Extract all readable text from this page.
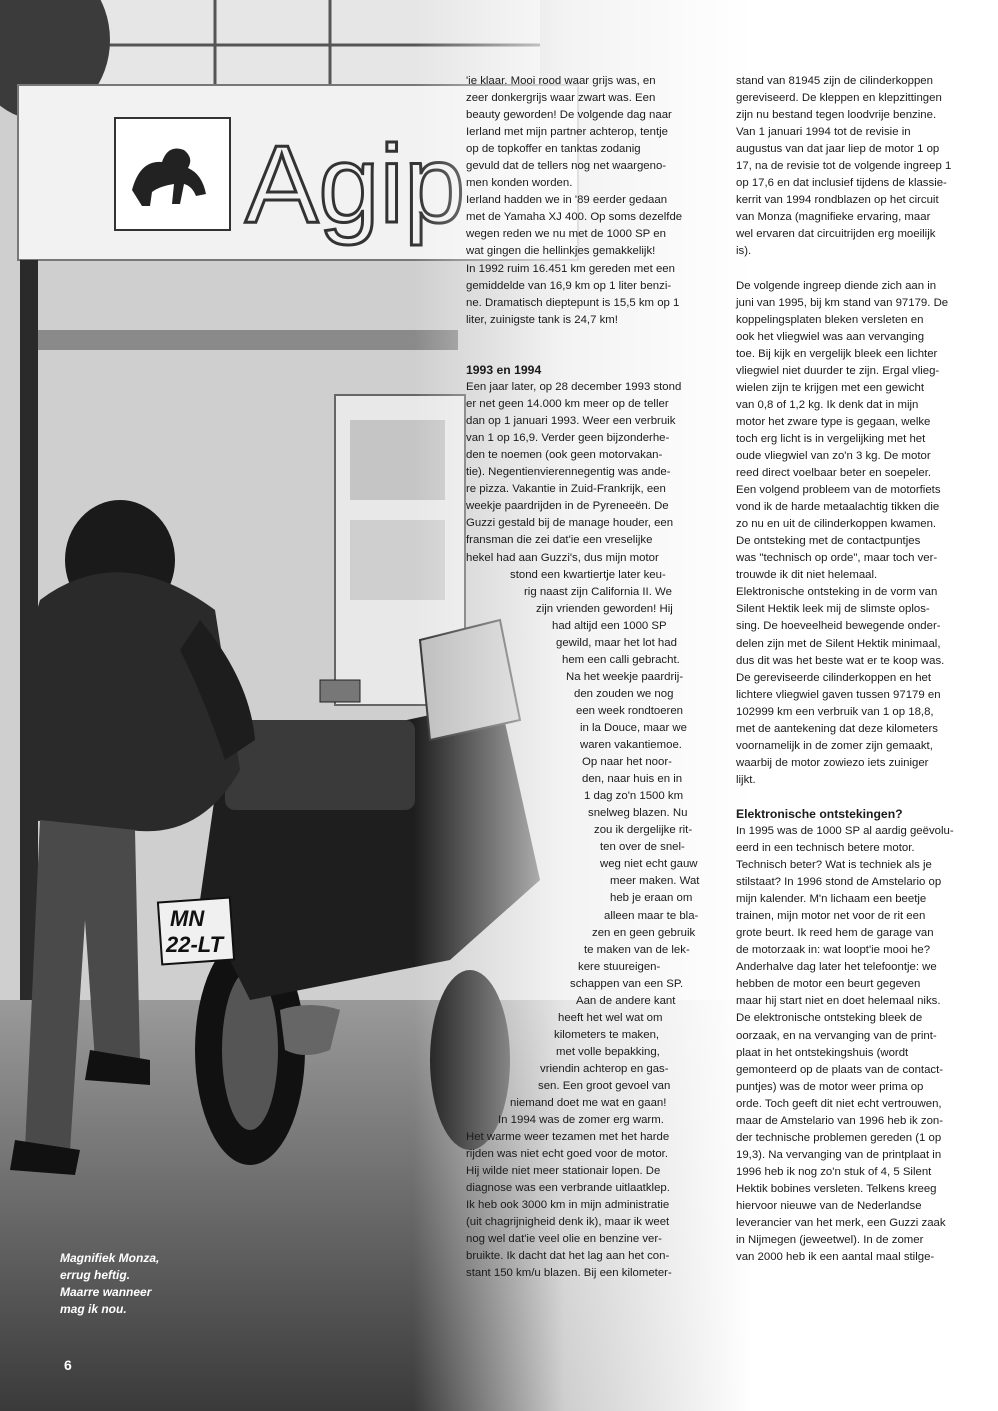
Magnifiek Monza,
errug heftig.
Maarre wanneer
mag ik nou.
6
'ie klaar. Mooi rood waar grijs was, en
zeer donkergrijs waar zwart was. Een
beauty geworden! De volgende dag naar
Ierland met mijn partner achterop, tentje
op de topkoffer en tanktas zodanig
gevuld dat de tellers nog net waargeno-
men konden worden.
Ierland hadden we in '89 eerder gedaan
met de Yamaha XJ 400. Op soms dezelfde
wegen reden we nu met de 1000 SP en
wat gingen die hellinkjes gemakkelijk!
In 1992 ruim 16.451 km gereden met een
gemiddelde van 16,9 km op 1 liter benzi-
ne. Dramatisch dieptepunt is 15,5 km op 1
liter, zuinigste tank is 24,7 km!
1993 en 1994
Een jaar later, op 28 december 1993 stond
er net geen 14.000 km meer op de teller
dan op 1 januari 1993. Weer een verbruik
van 1 op 16,9. Verder geen bijzonderhe-
den te noemen (ook geen motorvakan-
tie). Negentienvierennegentig was ande-
re pizza. Vakantie in Zuid-Frankrijk, een
weekje paardrijden in de Pyreneeën. De
Guzzi gestald bij de manage houder, een
fransman die zei dat'ie een vreselijke
hekel had aan Guzzi's, dus mijn motor
stond een kwartiertje later keu-
rig naast zijn California II. We
zijn vrienden geworden! Hij
had altijd een 1000 SP
gewild, maar het lot had
hem een calli gebracht.
Na het weekje paardrij-
den zouden we nog
een week rondtoeren
in la Douce, maar we
waren vakantiemoe.
Op naar het noor-
den, naar huis en in
1 dag zo'n 1500 km
snelweg blazen. Nu
zou ik dergelijke rit-
ten over de snel-
weg niet echt gauw
meer maken. Wat
heb je eraan om
alleen maar te bla-
zen en geen gebruik
te maken van de lek-
kere stuureigen-
schappen van een SP.
Aan de andere kant
heeft het wel wat om
kilometers te maken,
met volle bepakking,
vriendin achterop en gas-
sen. Een groot gevoel van
niemand doet me wat en gaan!
In 1994 was de zomer erg warm.
Het warme weer tezamen met het harde
rijden was niet echt goed voor de motor.
Hij wilde niet meer stationair lopen. De
diagnose was een verbrande uitlaatklep.
Ik heb ook 3000 km in mijn administratie
(uit chagrijnigheid denk ik), maar ik weet
nog wel dat'ie veel olie en benzine ver-
bruikte. Ik dacht dat het lag aan het con-
stant 150 km/u blazen. Bij een kilometer-
stand van 81945 zijn de cilinderkoppen
gereviseerd. De kleppen en klepzittingen
zijn nu bestand tegen loodvrije benzine.
Van 1 januari 1994 tot de revisie in
augustus van dat jaar liep de motor 1 op
17, na de revisie tot de volgende ingreep 1
op 17,6 en dat inclusief tijdens de klassie-
kerrit van 1994 rondblazen op het circuit
van Monza (magnifieke ervaring, maar
wel ervaren dat circuitrijden erg moeilijk
is).
De volgende ingreep diende zich aan in
juni van 1995, bij km stand van 97179. De
koppelingsplaten bleken versleten en
ook het vliegwiel was aan vervanging
toe. Bij kijk en vergelijk bleek een lichter
vliegwiel niet duurder te zijn. Ergal vlieg-
wielen zijn te krijgen met een gewicht
van 0,8 of 1,2 kg. Ik denk dat in mijn
motor het zware type is gegaan, welke
toch erg licht is in vergelijking met het
oude vliegwiel van zo'n 3 kg. De motor
reed direct voelbaar beter en soepeler.
Een volgend probleem van de motorfiets
vond ik de harde metaalachtig tikken die
zo nu en uit de cilinderkoppen kwamen.
De ontsteking met de contactpuntjes
was "technisch op orde", maar toch ver-
trouwde ik dit niet helemaal.
Elektronische ontsteking in de vorm van
Silent Hektik leek mij de slimste oplos-
sing. De hoeveelheid bewegende onder-
delen zijn met de Silent Hektik minimaal,
dus dit was het beste wat er te koop was.
De gereviseerde cilinderkoppen en het
lichtere vliegwiel gaven tussen 97179 en
102999 km een verbruik van 1 op 18,8,
met de aantekening dat deze kilometers
voornamelijk in de zomer zijn gemaakt,
waarbij de motor zowiezo iets zuiniger
lijkt.
Elektronische ontstekingen?
In 1995 was de 1000 SP al aardig geëvolu-
eerd in een technisch betere motor.
Technisch beter? Wat is techniek als je
stilstaat? In 1996 stond de Amstelario op
mijn kalender. M'n lichaam een beetje
trainen, mijn motor net voor de rit een
grote beurt. Ik reed hem de garage van
de motorzaak in: wat loopt'ie mooi he?
Anderhalve dag later het telefoontje: we
hebben de motor een beurt gegeven
maar hij start niet en doet helemaal niks.
De elektronische ontsteking bleek de
oorzaak, en na vervanging van de print-
plaat in het ontstekingshuis (wordt
gemonteerd op de plaats van de contact-
puntjes) was de motor weer prima op
orde. Toch geeft dit niet echt vertrouwen,
maar de Amstelario van 1996 heb ik zon-
der technische problemen gereden (1 op
19,3). Na vervanging van de printplaat in
1996 heb ik nog zo'n stuk of 4, 5 Silent
Hektik bobines versleten. Telkens kreeg
hiervoor nieuwe van de Nederlandse
leverancier van het merk, een Guzzi zaak
in Nijmegen (jeweetwel). In de zomer
van 2000 heb ik een aantal maal stilge-
